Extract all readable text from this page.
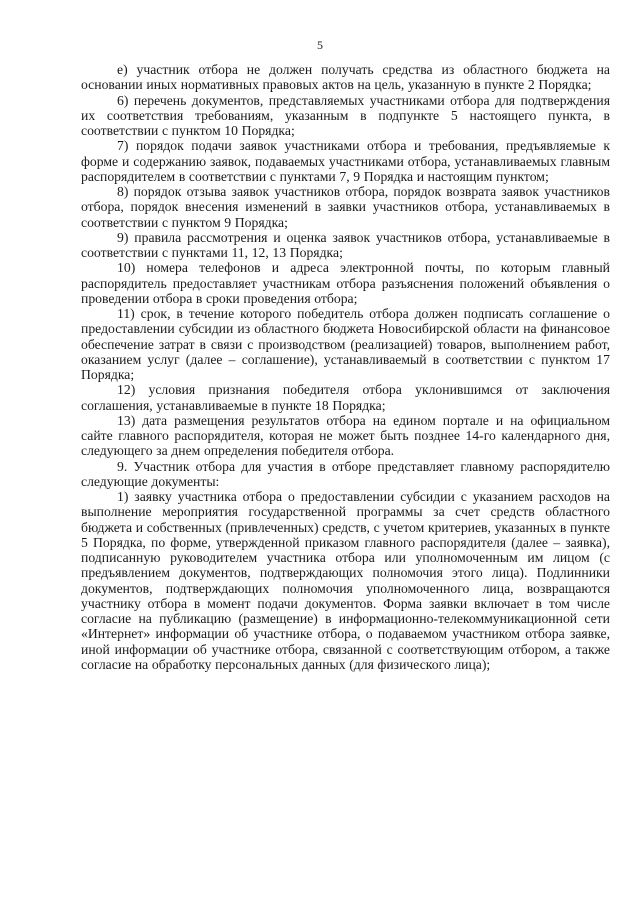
5

е) участник отбора не должен получать средства из областного бюджета на основании иных нормативных правовых актов на цель, указанную в пункте 2 Порядка;

6) перечень документов, представляемых участниками отбора для подтверждения их соответствия требованиям, указанным в подпункте 5 настоящего пункта, в соответствии с пунктом 10 Порядка;

7) порядок подачи заявок участниками отбора и требования, предъявляемые к форме и содержанию заявок, подаваемых участниками отбора, устанавливаемых главным распорядителем в соответствии с пунктами 7, 9 Порядка и настоящим пунктом;

8) порядок отзыва заявок участников отбора, порядок возврата заявок участников отбора, порядок внесения изменений в заявки участников отбора, устанавливаемых в соответствии с пунктом 9 Порядка;

9) правила рассмотрения и оценка заявок участников отбора, устанавливаемые в соответствии с пунктами 11, 12, 13 Порядка;

10) номера телефонов и адреса электронной почты, по которым главный распорядитель предоставляет участникам отбора разъяснения положений объявления о проведении отбора в сроки проведения отбора;

11) срок, в течение которого победитель отбора должен подписать соглашение о предоставлении субсидии из областного бюджета Новосибирской области на финансовое обеспечение затрат в связи с производством (реализацией) товаров, выполнением работ, оказанием услуг (далее – соглашение), устанавливаемый в соответствии с пунктом 17 Порядка;

12) условия признания победителя отбора уклонившимся от заключения соглашения, устанавливаемые в пункте 18 Порядка;

13) дата размещения результатов отбора на едином портале и на официальном сайте главного распорядителя, которая не может быть позднее 14-го календарного дня, следующего за днем определения победителя отбора.

9. Участник отбора для участия в отборе представляет главному распорядителю следующие документы:

1) заявку участника отбора о предоставлении субсидии с указанием расходов на выполнение мероприятия государственной программы за счет средств областного бюджета и собственных (привлеченных) средств, с учетом критериев, указанных в пункте 5 Порядка, по форме, утвержденной приказом главного распорядителя (далее – заявка), подписанную руководителем участника отбора или уполномоченным им лицом (с предъявлением документов, подтверждающих полномочия этого лица). Подлинники документов, подтверждающих полномочия уполномоченного лица, возвращаются участнику отбора в момент подачи документов. Форма заявки включает в том числе согласие на публикацию (размещение) в информационно-телекоммуникационной сети «Интернет» информации об участнике отбора, о подаваемом участником отбора заявке, иной информации об участнике отбора, связанной с соответствующим отбором, а также согласие на обработку персональных данных (для физического лица);
